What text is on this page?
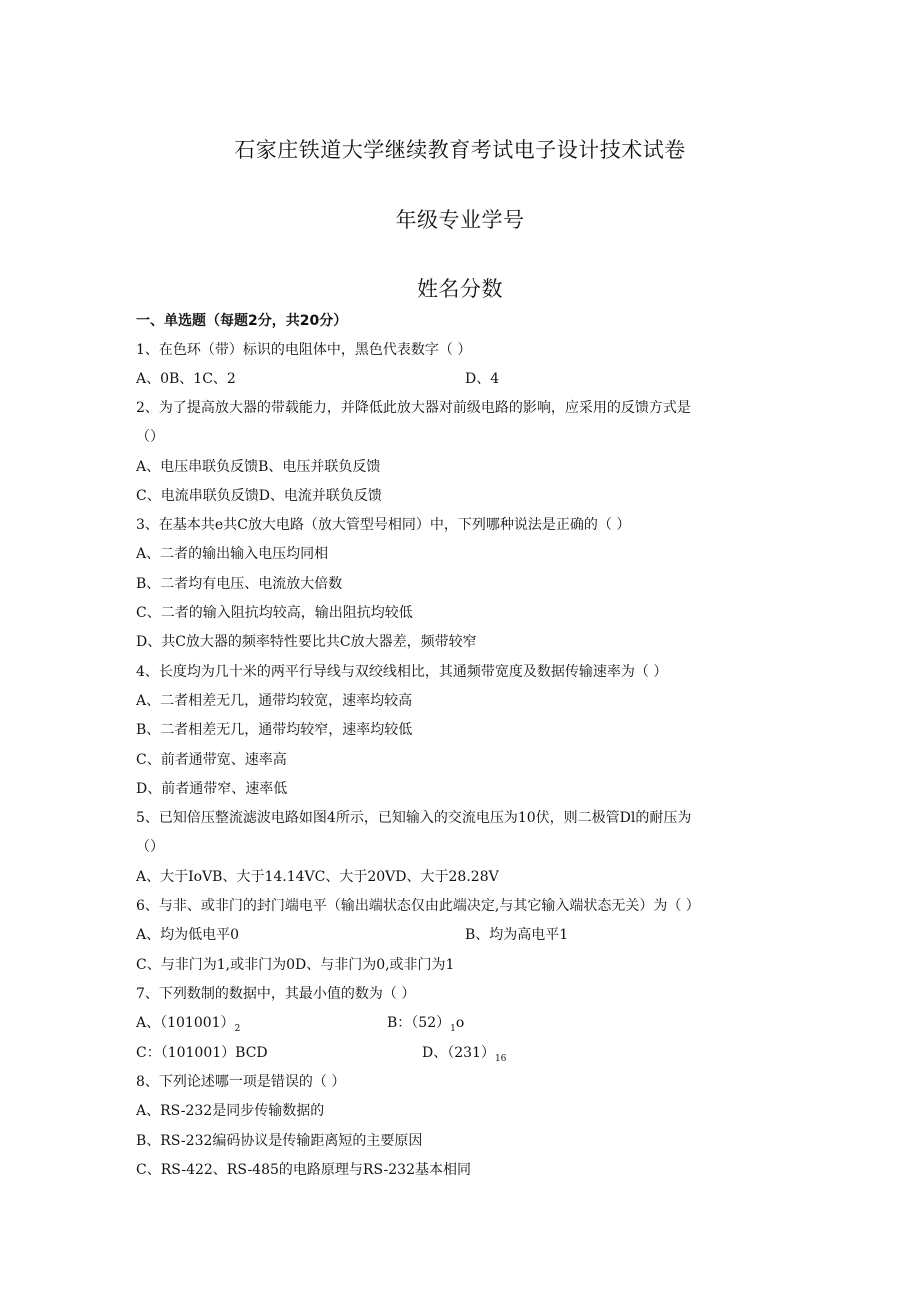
石家庄铁道大学继续教育考试电子设计技术试卷
年级专业学号
姓名分数
一、单选题（每题2分，共20分）
1、在色环（带）标识的电阻体中，黑色代表数字（ ）
A、0B、1C、2	D、4
2、为了提高放大器的带载能力，并降低此放大器对前级电路的影响，应采用的反馈方式是
（）
A、电压串联负反馈B、电压并联负反馈
C、电流串联负反馈D、电流并联负反馈
3、在基本共e共C放大电路（放大管型号相同）中，下列哪种说法是正确的（ ）
A、二者的输出输入电压均同相
B、二者均有电压、电流放大倍数
C、二者的输入阻抗均较高，输出阻抗均较低
D、共C放大器的频率特性要比共C放大器差，频带较窄
4、长度均为几十米的两平行导线与双绞线相比，其通频带宽度及数据传输速率为（ ）
A、二者相差无几，通带均较宽，速率均较高
B、二者相差无几，通带均较窄，速率均较低
C、前者通带宽、速率高
D、前者通带窄、速率低
5、已知倍压整流滤波电路如图4所示，已知输入的交流电压为10伏，则二极管Dl的耐压为
（）
A、大于IoVB、大于14.14VC、大于20VD、大于28.28V
6、与非、或非门的封门端电平（输出端状态仅由此端决定,与其它输入端状态无关）为（ ）
A、均为低电平0	B、均为高电平1
C、与非门为1,或非门为0D、与非门为0,或非门为1
7、下列数制的数据中，其最小值的数为（ ）
A、$(101001)_2$	B：$(52)_1o$
C：（101001）BCD	D、$(231)_{16}$
8、下列论述哪一项是错误的（ ）
A、RS-232是同步传输数据的
B、RS-232编码协议是传输距离短的主要原因
C、RS-422、RS-485的电路原理与RS-232基本相同
